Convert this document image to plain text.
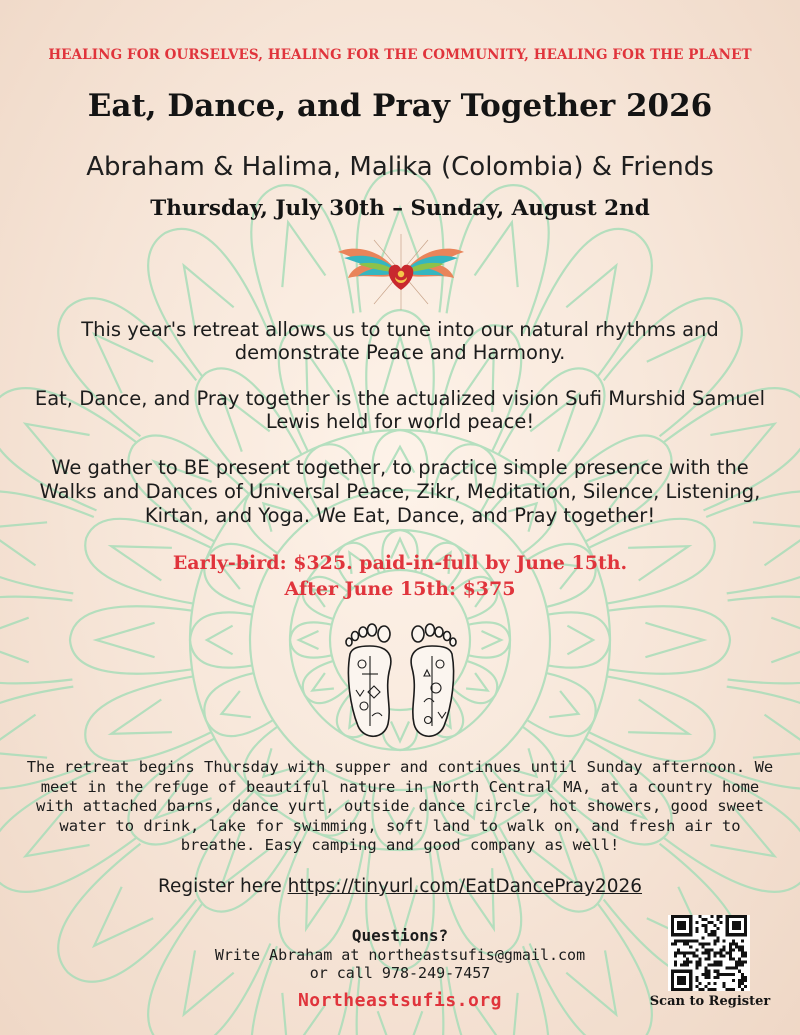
HEALING FOR OURSELVES, HEALING FOR THE COMMUNITY, HEALING FOR THE PLANET
Eat, Dance, and Pray Together 2026
Abraham & Halima, Malika (Colombia) & Friends
Thursday, July 30th – Sunday, August 2nd
This year's retreat allows us to tune into our natural rhythms and demonstrate Peace and Harmony.
Eat, Dance, and Pray together is the actualized vision Sufi Murshid Samuel Lewis held for world peace!
We gather to BE present together, to practice simple presence with the Walks and Dances of Universal Peace, Zikr, Meditation, Silence, Listening, Kirtan, and Yoga. We Eat, Dance, and Pray together!
Early-bird: $325. paid-in-full by June 15th.
After June 15th: $375
The retreat begins Thursday with supper and continues until Sunday afternoon. We meet in the refuge of beautiful nature in North Central MA, at a country home with attached barns, dance yurt, outside dance circle, hot showers, good sweet water to drink, lake for swimming, soft land to walk on, and fresh air to breathe. Easy camping and good company as well!
Register here https://tinyurl.com/EatDancePray2026
Questions?
Write Abraham at northeastsufis@gmail.com
or call 978-249-7457
Northeastsufis.org	Scan to Register
